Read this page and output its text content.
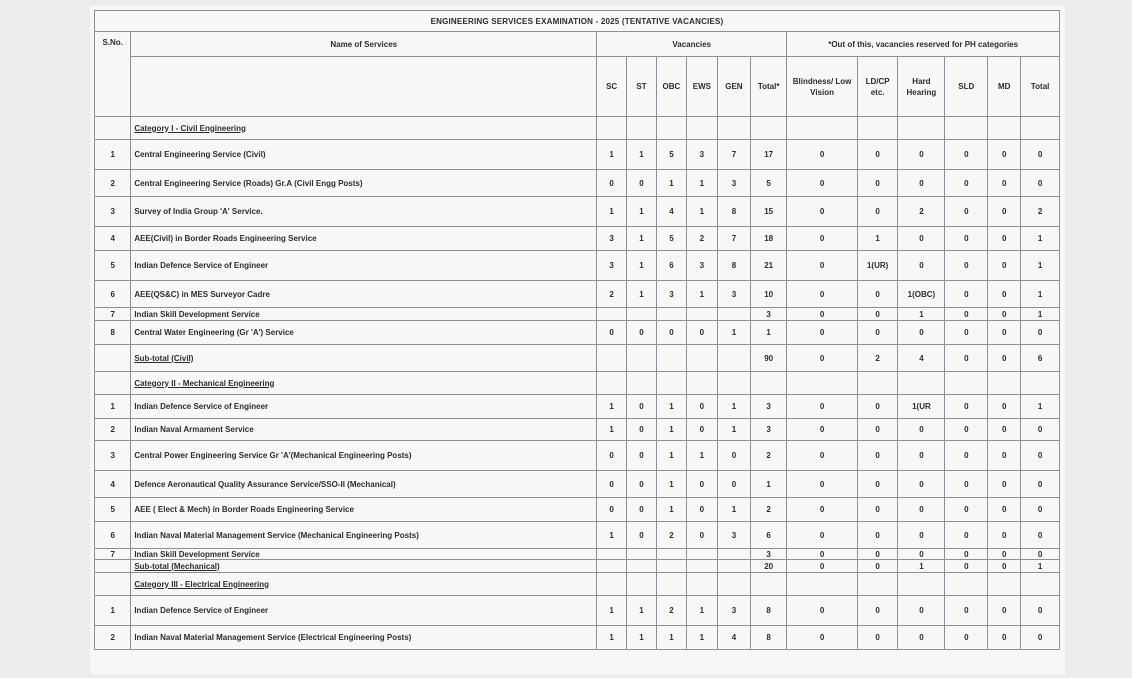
ENGINEERING SERVICES EXAMINATION - 2025 (TENTATIVE VACANCIES)													
S.No.	Name of Services	Vacancies						*Out of this, vacancies reserved for PH categories					
		SC	ST	OBC	EWS	GEN	Total*	Blindness/ Low Vision	LD/CP etc.	Hard Hearing	SLD	MD	Total
	Category I - Civil Engineering												
1	Central Engineering Service (Civil)	1	1	5	3	7	17	0	0	0	0	0	0
2	Central Engineering Service (Roads) Gr.A (Civil Engg Posts)	0	0	1	1	3	5	0	0	0	0	0	0
3	Survey of India Group 'A' Service.	1	1	4	1	8	15	0	0	2	0	0	2
4	AEE(Civil) in Border Roads Engineering Service	3	1	5	2	7	18	0	1	0	0	0	1
5	Indian Defence Service of Engineer	3	1	6	3	8	21	0	1(UR)	0	0	0	1
6	AEE(QS&C) in MES Surveyor Cadre	2	1	3	1	3	10	0	0	1(OBC)	0	0	1
7	Indian Skill Development Service						3	0	0	1	0	0	1
8	Central Water Engineering (Gr 'A') Service	0	0	0	0	1	1	0	0	0	0	0	0
	Sub-total (Civil)						90	0	2	4	0	0	6
	Category II - Mechanical Engineering												
1	Indian Defence Service of Engineer	1	0	1	0	1	3	0	0	1(UR	0	0	1
2	Indian Naval Armament Service	1	0	1	0	1	3	0	0	0	0	0	0
3	Central Power Engineering Service Gr 'A'(Mechanical Engineering Posts)	0	0	1	1	0	2	0	0	0	0	0	0
4	Defence Aeronautical Quality Assurance Service/SSO-II (Mechanical)	0	0	1	0	0	1	0	0	0	0	0	0
5	AEE ( Elect & Mech) in Border Roads Engineering Service	0	0	1	0	1	2	0	0	0	0	0	0
6	Indian Naval Material Management Service (Mechanical Engineering Posts)	1	0	2	0	3	6	0	0	0	0	0	0
7	Indian Skill Development Service						3	0	0	0	0	0	0
	Sub-total (Mechanical)						20	0	0	1	0	0	1
	Category III - Electrical Engineering												
1	Indian Defence Service of Engineer	1	1	2	1	3	8	0	0	0	0	0	0
2	Indian Naval Material Management Service (Electrical Engineering Posts)	1	1	1	1	4	8	0	0	0	0	0	0
